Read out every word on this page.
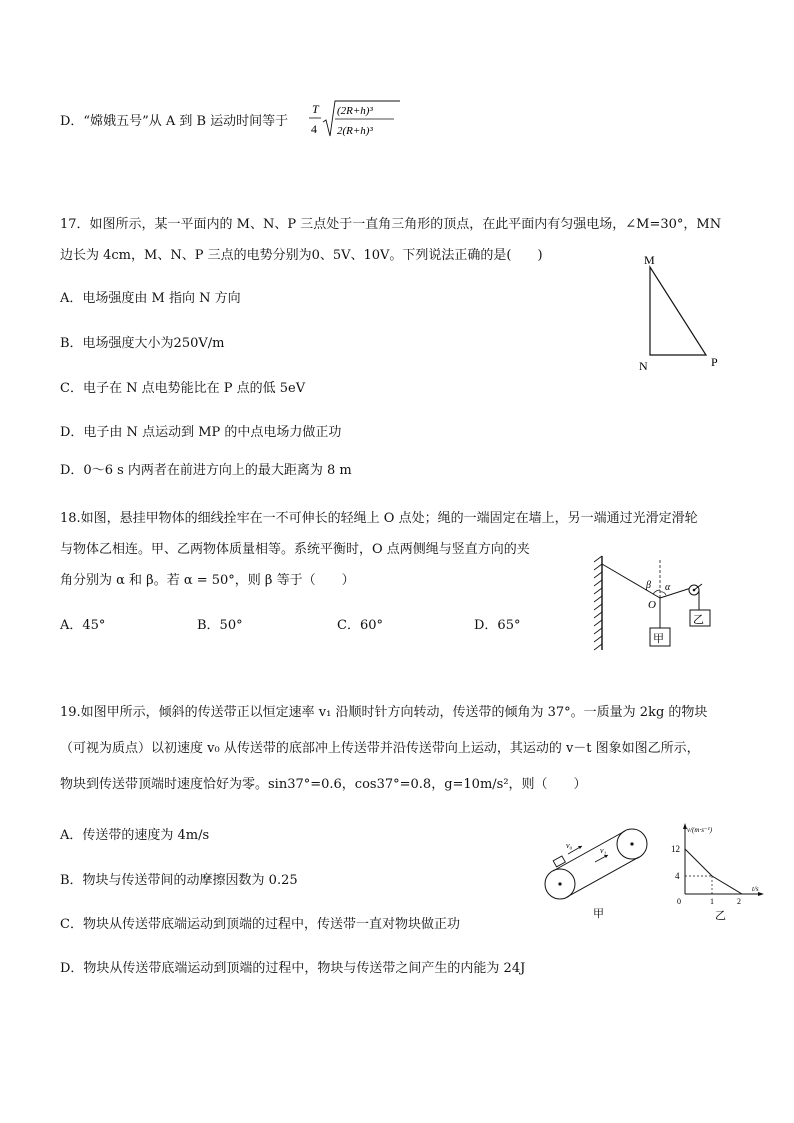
D．“嫦娥五号”从 A 到 B 运动时间等于
T
4
(2R+h)³
2(R+h)³
17．如图所示，某一平面内的 M、N、P 三点处于一直角三角形的顶点，在此平面内有匀强电场，∠M=30°，MN
边长为 4cm，M、N、P 三点的电势分别为0、5V、10V。下列说法正确的是(　　)
A．电场强度由 M 指向 N 方向
B．电场强度大小为250V/m
C．电子在 N 点电势能比在 P 点的低 5eV
D．电子由 N 点运动到 MP 的中点电场力做正功
D．0～6 s 内两者在前进方向上的最大距离为 8 m
M
N	P
18.如图，悬挂甲物体的细线拴牢在一不可伸长的轻绳上 O 点处；绳的一端固定在墙上，另一端通过光滑定滑轮
与物体乙相连。甲、乙两物体质量相等。系统平衡时，O 点两侧绳与竖直方向的夹
角分别为 α 和 β。若 α = 50°，则 β 等于（　　）
A．45°	B．50°	C．60°	D．65°
甲
乙
β α
O
19.如图甲所示，倾斜的传送带正以恒定速率 v₁ 沿顺时针方向转动，传送带的倾角为 37°。一质量为 2kg 的物块
（可视为质点）以初速度 v₀ 从传送带的底部冲上传送带并沿传送带向上运动，其运动的 v－t 图象如图乙所示，
物块到传送带顶端时速度恰好为零。sin37°=0.6，cos37°=0.8，g=10m/s²，则（　　）
A．传送带的速度为 4m/s
B．物块与传送带间的动摩擦因数为 0.25
C．物块从传送带底端运动到顶端的过程中，传送带一直对物块做正功
D．物块从传送带底端运动到顶端的过程中，物块与传送带之间产生的内能为 24J
v₀
v₁
甲
v/(m·s⁻¹)
t/s
12
4
0	1	2
乙
